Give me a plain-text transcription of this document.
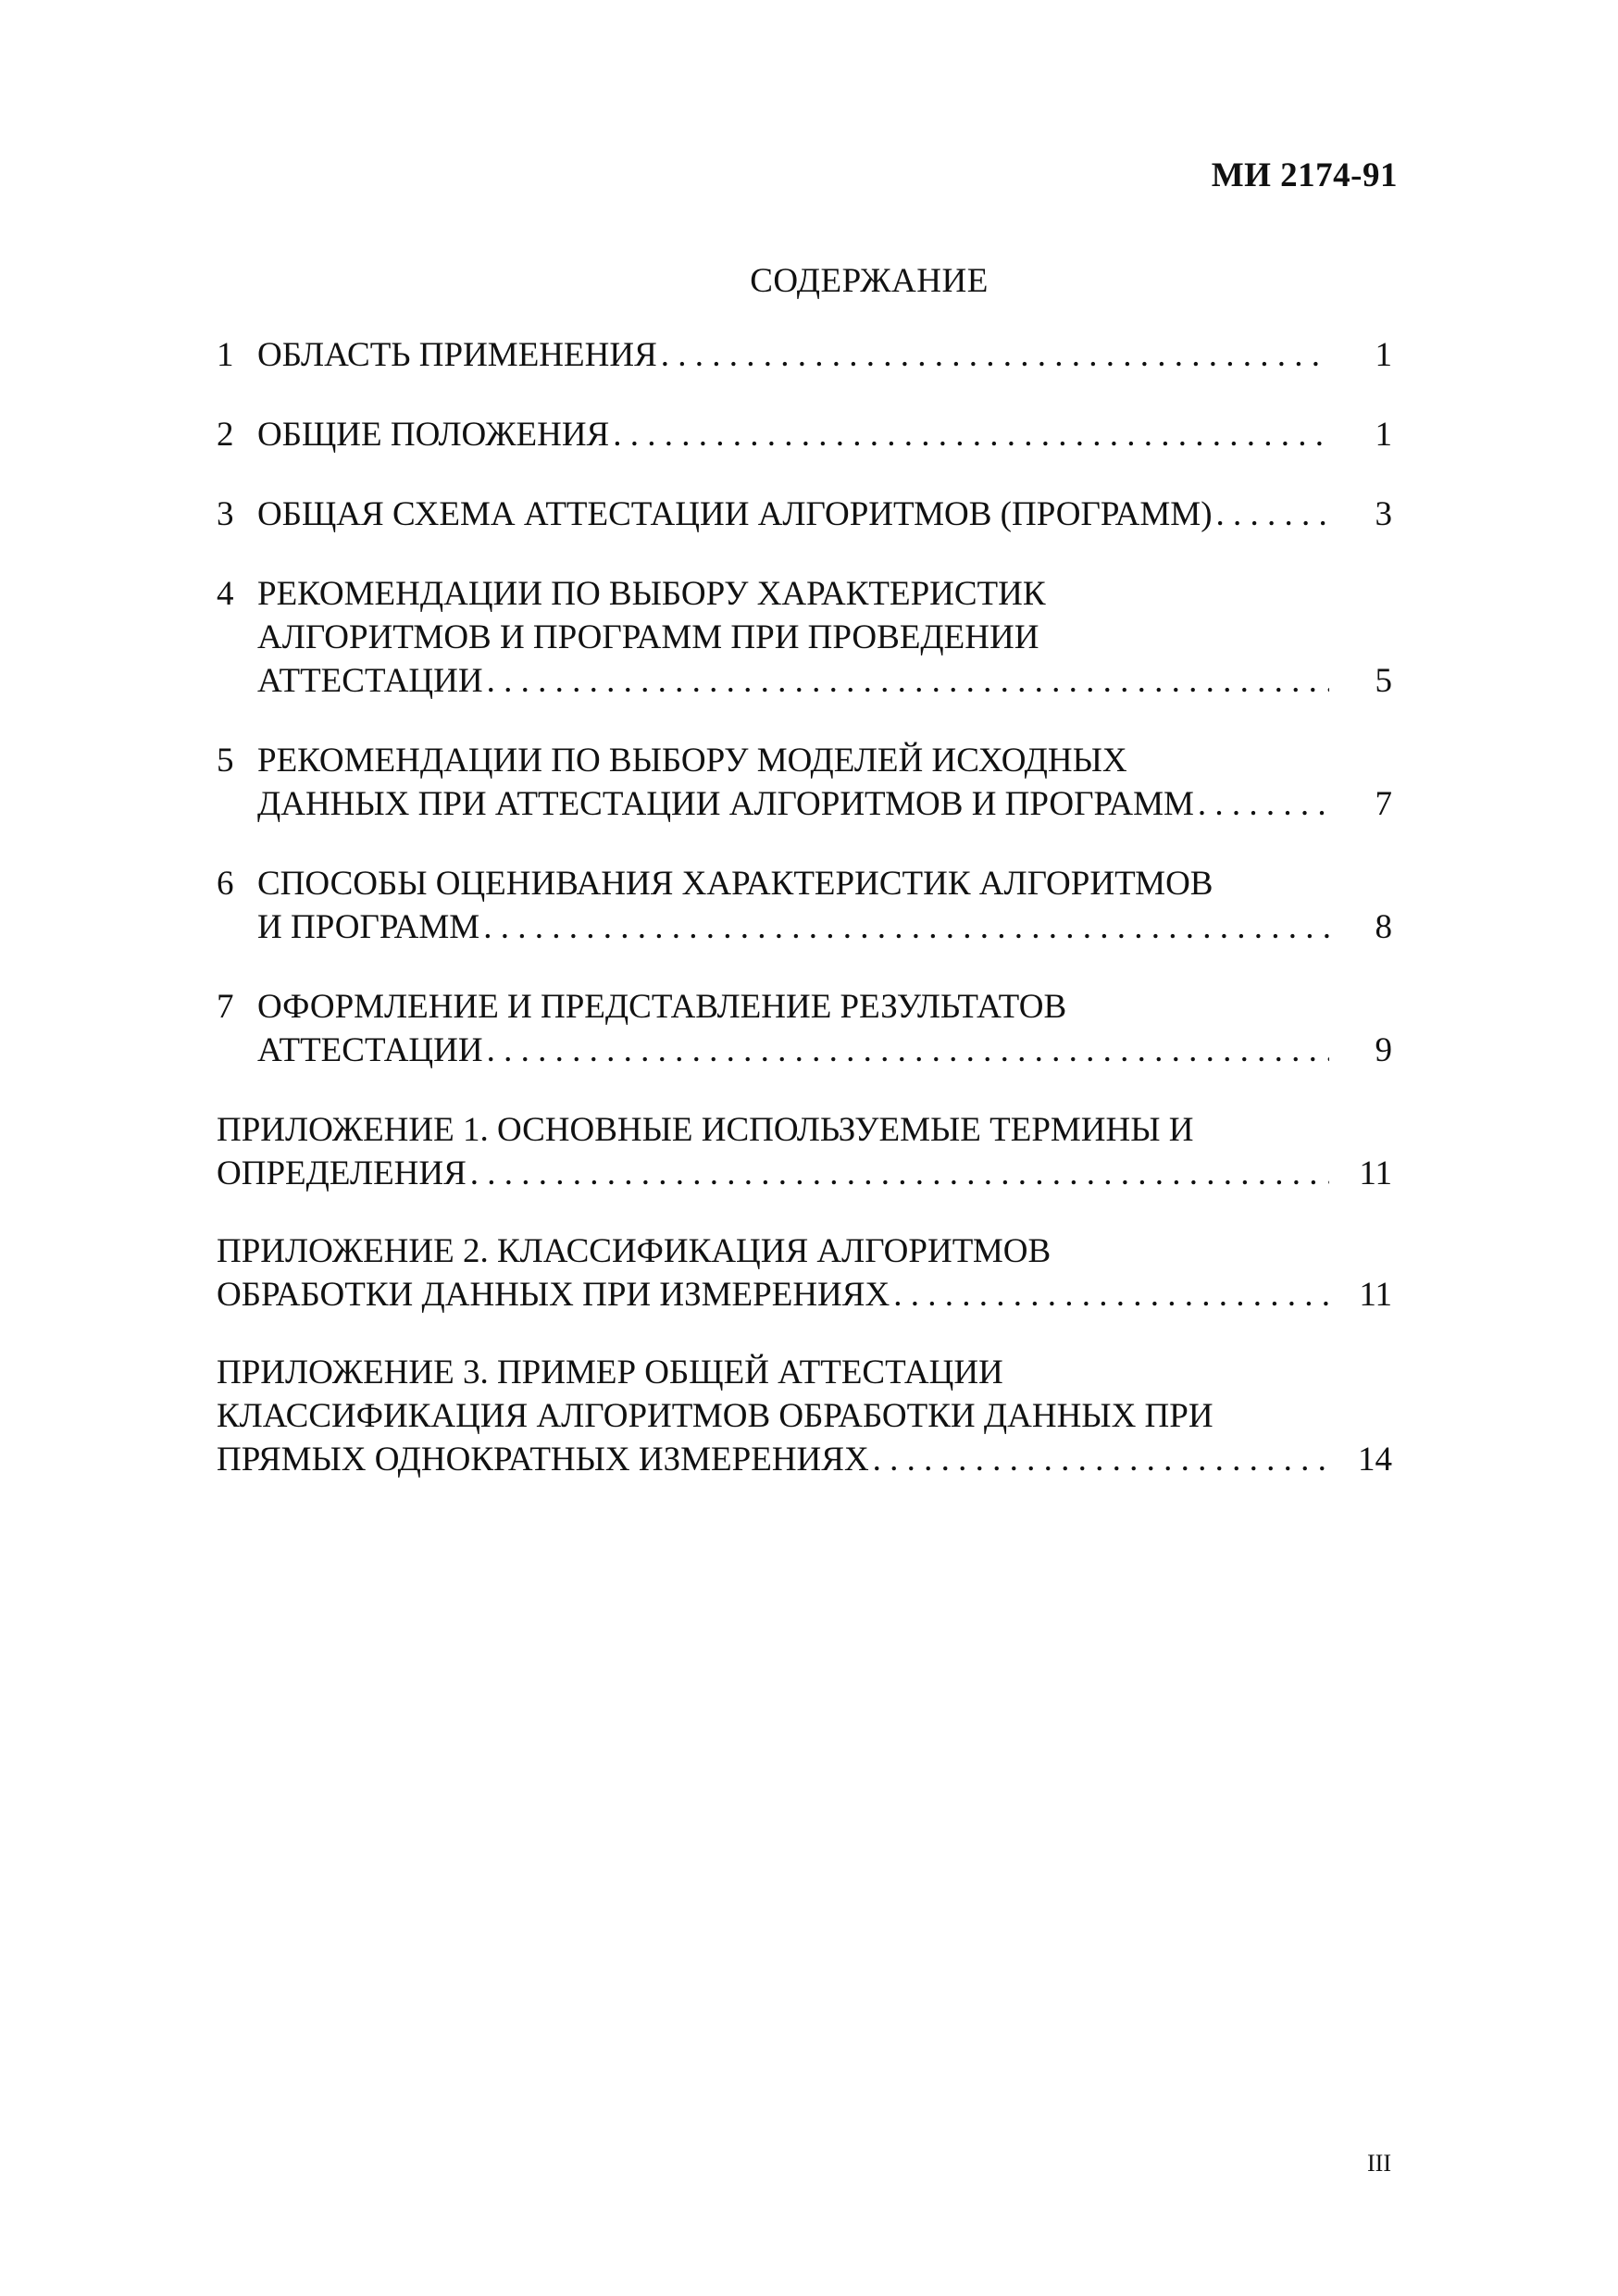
МИ 2174-91
СОДЕРЖАНИЕ
1 ОБЛАСТЬ ПРИМЕНЕНИЯ . . .	1
2 ОБЩИЕ ПОЛОЖЕНИЯ . . .	1
3 ОБЩАЯ СХЕМА АТТЕСТАЦИИ АЛГОРИТМОВ (ПРОГРАММ) . . .	3
4 РЕКОМЕНДАЦИИ ПО ВЫБОРУ ХАРАКТЕРИСТИК
АЛГОРИТМОВ И ПРОГРАММ ПРИ ПРОВЕДЕНИИ
АТТЕСТАЦИИ . . .	5
5 РЕКОМЕНДАЦИИ ПО ВЫБОРУ МОДЕЛЕЙ ИСХОДНЫХ
ДАННЫХ ПРИ АТТЕСТАЦИИ АЛГОРИТМОВ И ПРОГРАММ . . .	7
6 СПОСОБЫ ОЦЕНИВАНИЯ ХАРАКТЕРИСТИК АЛГОРИТМОВ
И ПРОГРАММ . . .	8
7 ОФОРМЛЕНИЕ И ПРЕДСТАВЛЕНИЕ РЕЗУЛЬТАТОВ
АТТЕСТАЦИИ . . .	9
ПРИЛОЖЕНИЕ 1. ОСНОВНЫЕ ИСПОЛЬЗУЕМЫЕ ТЕРМИНЫ И
ОПРЕДЕЛЕНИЯ . . .	11
ПРИЛОЖЕНИЕ 2. КЛАССИФИКАЦИЯ АЛГОРИТМОВ
ОБРАБОТКИ ДАННЫХ ПРИ ИЗМЕРЕНИЯХ . . .	11
ПРИЛОЖЕНИЕ 3. ПРИМЕР ОБЩЕЙ АТТЕСТАЦИИ
КЛАССИФИКАЦИЯ АЛГОРИТМОВ ОБРАБОТКИ ДАННЫХ ПРИ
ПРЯМЫХ ОДНОКРАТНЫХ ИЗМЕРЕНИЯХ . . .	14
III
